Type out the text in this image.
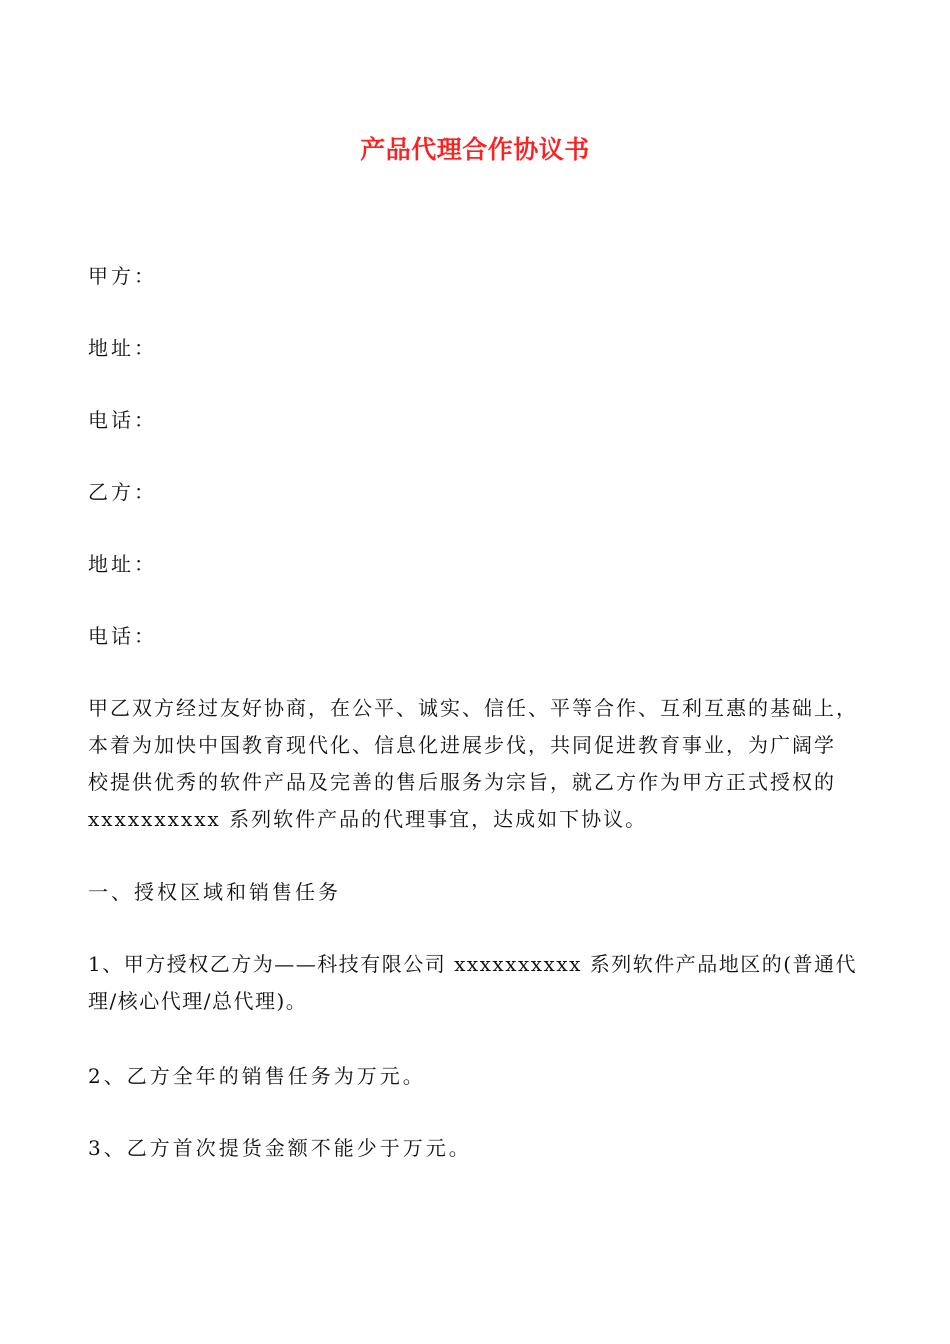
产品代理合作协议书
甲方：
地址：
电话：
乙方：
地址：
电话：
甲乙双方经过友好协商，在公平、诚实、信任、平等合作、互利互惠的基础上，
本着为加快中国教育现代化、信息化进展步伐，共同促进教育事业，为广阔学
校提供优秀的软件产品及完善的售后服务为宗旨，就乙方作为甲方正式授权的
xxxxxxxxxx 系列软件产品的代理事宜，达成如下协议。
一、授权区域和销售任务
1、甲方授权乙方为——科技有限公司 xxxxxxxxxx 系列软件产品地区的(普通代
理/核心代理/总代理)。
2、乙方全年的销售任务为万元。
3、乙方首次提货金额不能少于万元。
